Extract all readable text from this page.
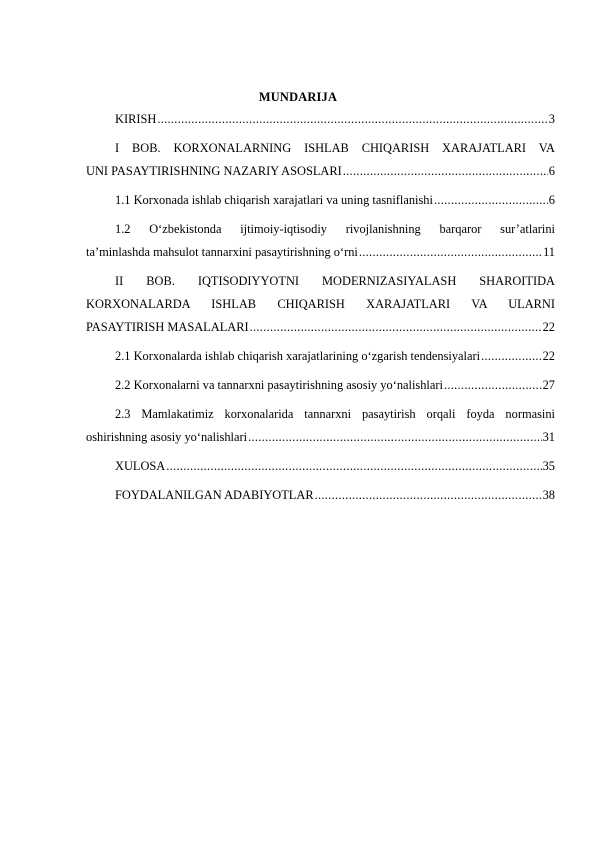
MUNDARIJA
KIRISH .....	3
I BOB. KORXONALARNING ISHLAB CHIQARISH XARAJATLARI VA
UNI PASAYTIRISHNING NAZARIY ASOSLARI .....	6
1.1 Korxonada ishlab chiqarish xarajatlari va uning tasniflanishi .....	6
1.2 O‘zbekistonda ijtimoiy-iqtisodiy rivojlanishning barqaror sur’atlarini
ta’minlashda mahsulot tannarxini pasaytirishning o‘rni .....	11
II BOB. IQTISODIYYOTNI MODERNIZASIYALASH SHAROITIDA
KORXONALARDA ISHLAB CHIQARISH XARAJATLARI VA ULARNI
PASAYTIRISH MASALALARI .....	22
2.1 Korxonalarda ishlab chiqarish xarajatlarining o‘zgarish tendensiyalari .....	22
2.2 Korxonalarni va tannarxni pasaytirishning asosiy yo‘nalishlari .....	27
2.3 Mamlakatimiz korxonalarida tannarxni pasaytirish orqali foyda normasini
oshirishning asosiy yo‘nalishlari .....	31
XULOSA .....	35
FOYDALANILGAN ADABIYOTLAR .....	38
